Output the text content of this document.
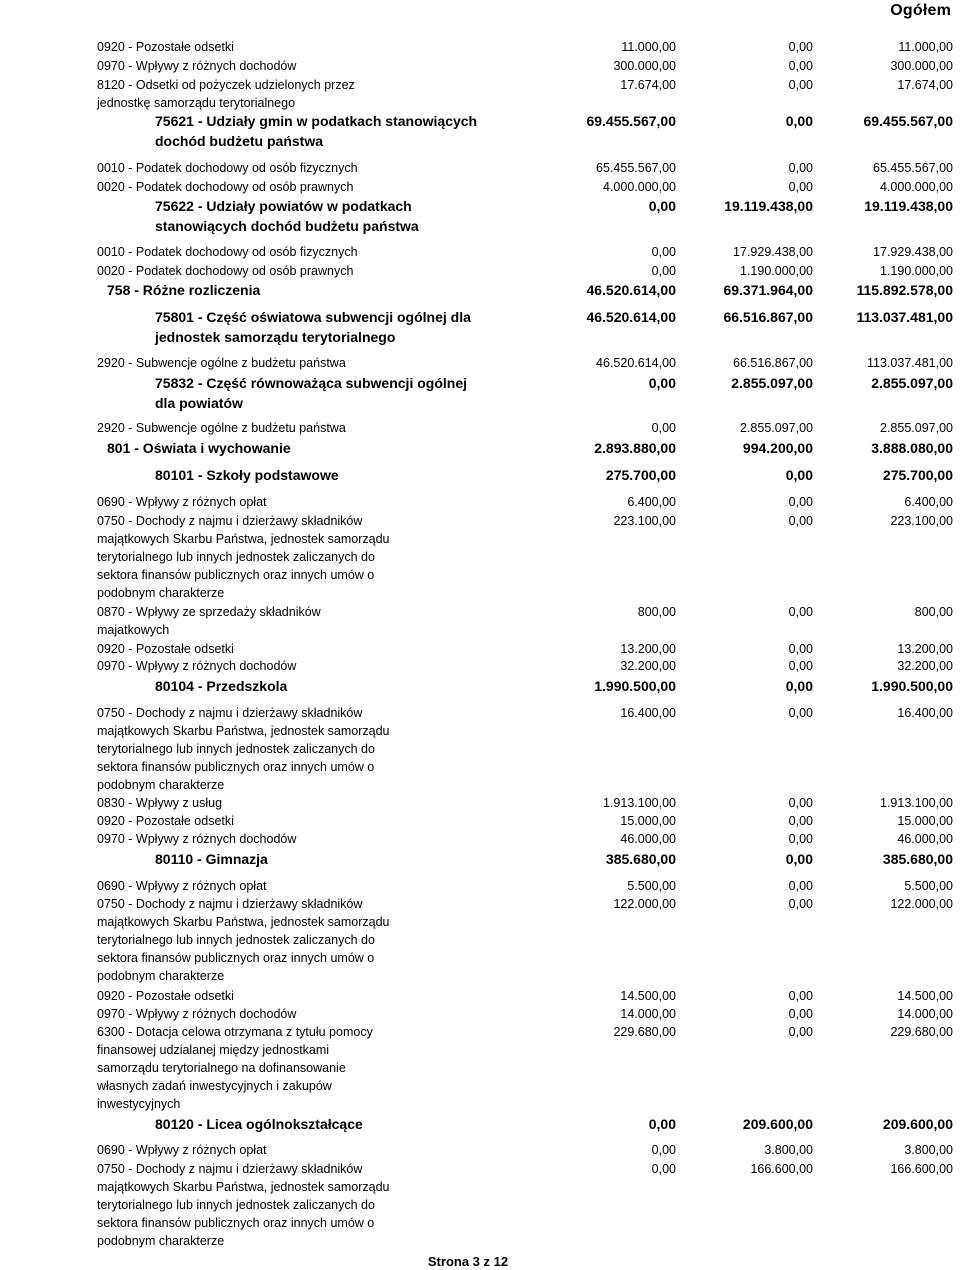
Ogółem
0920 - Pozostałe odsetki	11.000,00	0,00	11.000,00
0970 - Wpływy z różnych dochodów	300.000,00	0,00	300.000,00
8120 - Odsetki od pożyczek udzielonych przez
jednostkę samorządu terytorialnego
17.674,00	0,00	17.674,00
75621 - Udziały gmin w podatkach stanowiących
dochód budżetu państwa
69.455.567,00	0,00	69.455.567,00
0010 - Podatek dochodowy od osób fizycznych	65.455.567,00	0,00	65.455.567,00
0020 - Podatek dochodowy od osób prawnych	4.000.000,00	0,00	4.000.000,00
75622 - Udziały powiatów w podatkach
stanowiących dochód budżetu państwa
0,00	19.119.438,00	19.119.438,00
0010 - Podatek dochodowy od osób fizycznych	0,00	17.929.438,00	17.929.438,00
0020 - Podatek dochodowy od osób prawnych	0,00	1.190.000,00	1.190.000,00
758 - Różne rozliczenia	46.520.614,00	69.371.964,00	115.892.578,00
75801 - Część oświatowa subwencji ogólnej dla
jednostek samorządu terytorialnego
46.520.614,00	66.516.867,00	113.037.481,00
2920 - Subwencje ogólne z budżetu państwa	46.520.614,00	66.516.867,00	113.037.481,00
75832 - Część równoważąca subwencji ogólnej
dla powiatów
0,00	2.855.097,00	2.855.097,00
2920 - Subwencje ogólne z budżetu państwa	0,00	2.855.097,00	2.855.097,00
801 - Oświata i wychowanie	2.893.880,00	994.200,00	3.888.080,00
80101 - Szkoły podstawowe	275.700,00	0,00	275.700,00
0690 - Wpływy z różnych opłat	6.400,00	0,00	6.400,00
0750 - Dochody z najmu i dzierżawy składników
majątkowych Skarbu Państwa, jednostek samorządu
terytorialnego lub innych jednostek zaliczanych do
sektora finansów publicznych oraz innych umów o
podobnym charakterze
223.100,00	0,00	223.100,00
0870 - Wpływy ze sprzedaży składników
majatkowych
800,00	0,00	800,00
0920 - Pozostałe odsetki	13.200,00	0,00	13.200,00
0970 - Wpływy z różnych dochodów	32.200,00	0,00	32.200,00
80104 - Przedszkola	1.990.500,00	0,00	1.990.500,00
0750 - Dochody z najmu i dzierżawy składników
majątkowych Skarbu Państwa, jednostek samorządu
terytorialnego lub innych jednostek zaliczanych do
sektora finansów publicznych oraz innych umów o
podobnym charakterze
16.400,00	0,00	16.400,00
0830 - Wpływy z usług	1.913.100,00	0,00	1.913.100,00
0920 - Pozostałe odsetki	15.000,00	0,00	15.000,00
0970 - Wpływy z różnych dochodów	46.000,00	0,00	46.000,00
80110 - Gimnazja	385.680,00	0,00	385.680,00
0690 - Wpływy z różnych opłat	5.500,00	0,00	5.500,00
0750 - Dochody z najmu i dzierżawy składników
majątkowych Skarbu Państwa, jednostek samorządu
terytorialnego lub innych jednostek zaliczanych do
sektora finansów publicznych oraz innych umów o
podobnym charakterze
122.000,00	0,00	122.000,00
0920 - Pozostałe odsetki	14.500,00	0,00	14.500,00
0970 - Wpływy z różnych dochodów	14.000,00	0,00	14.000,00
6300 - Dotacja celowa otrzymana z tytułu pomocy
finansowej udzialanej między jednostkami
samorządu terytorialnego na dofinansowanie
własnych zadań inwestycyjnych i zakupów
inwestycyjnych
229.680,00	0,00	229.680,00
80120 - Licea ogólnokształcące	0,00	209.600,00	209.600,00
0690 - Wpływy z różnych opłat	0,00	3.800,00	3.800,00
0750 - Dochody z najmu i dzierżawy składników
majątkowych Skarbu Państwa, jednostek samorządu
terytorialnego lub innych jednostek zaliczanych do
sektora finansów publicznych oraz innych umów o
podobnym charakterze
0,00	166.600,00	166.600,00
Strona 3 z 12
